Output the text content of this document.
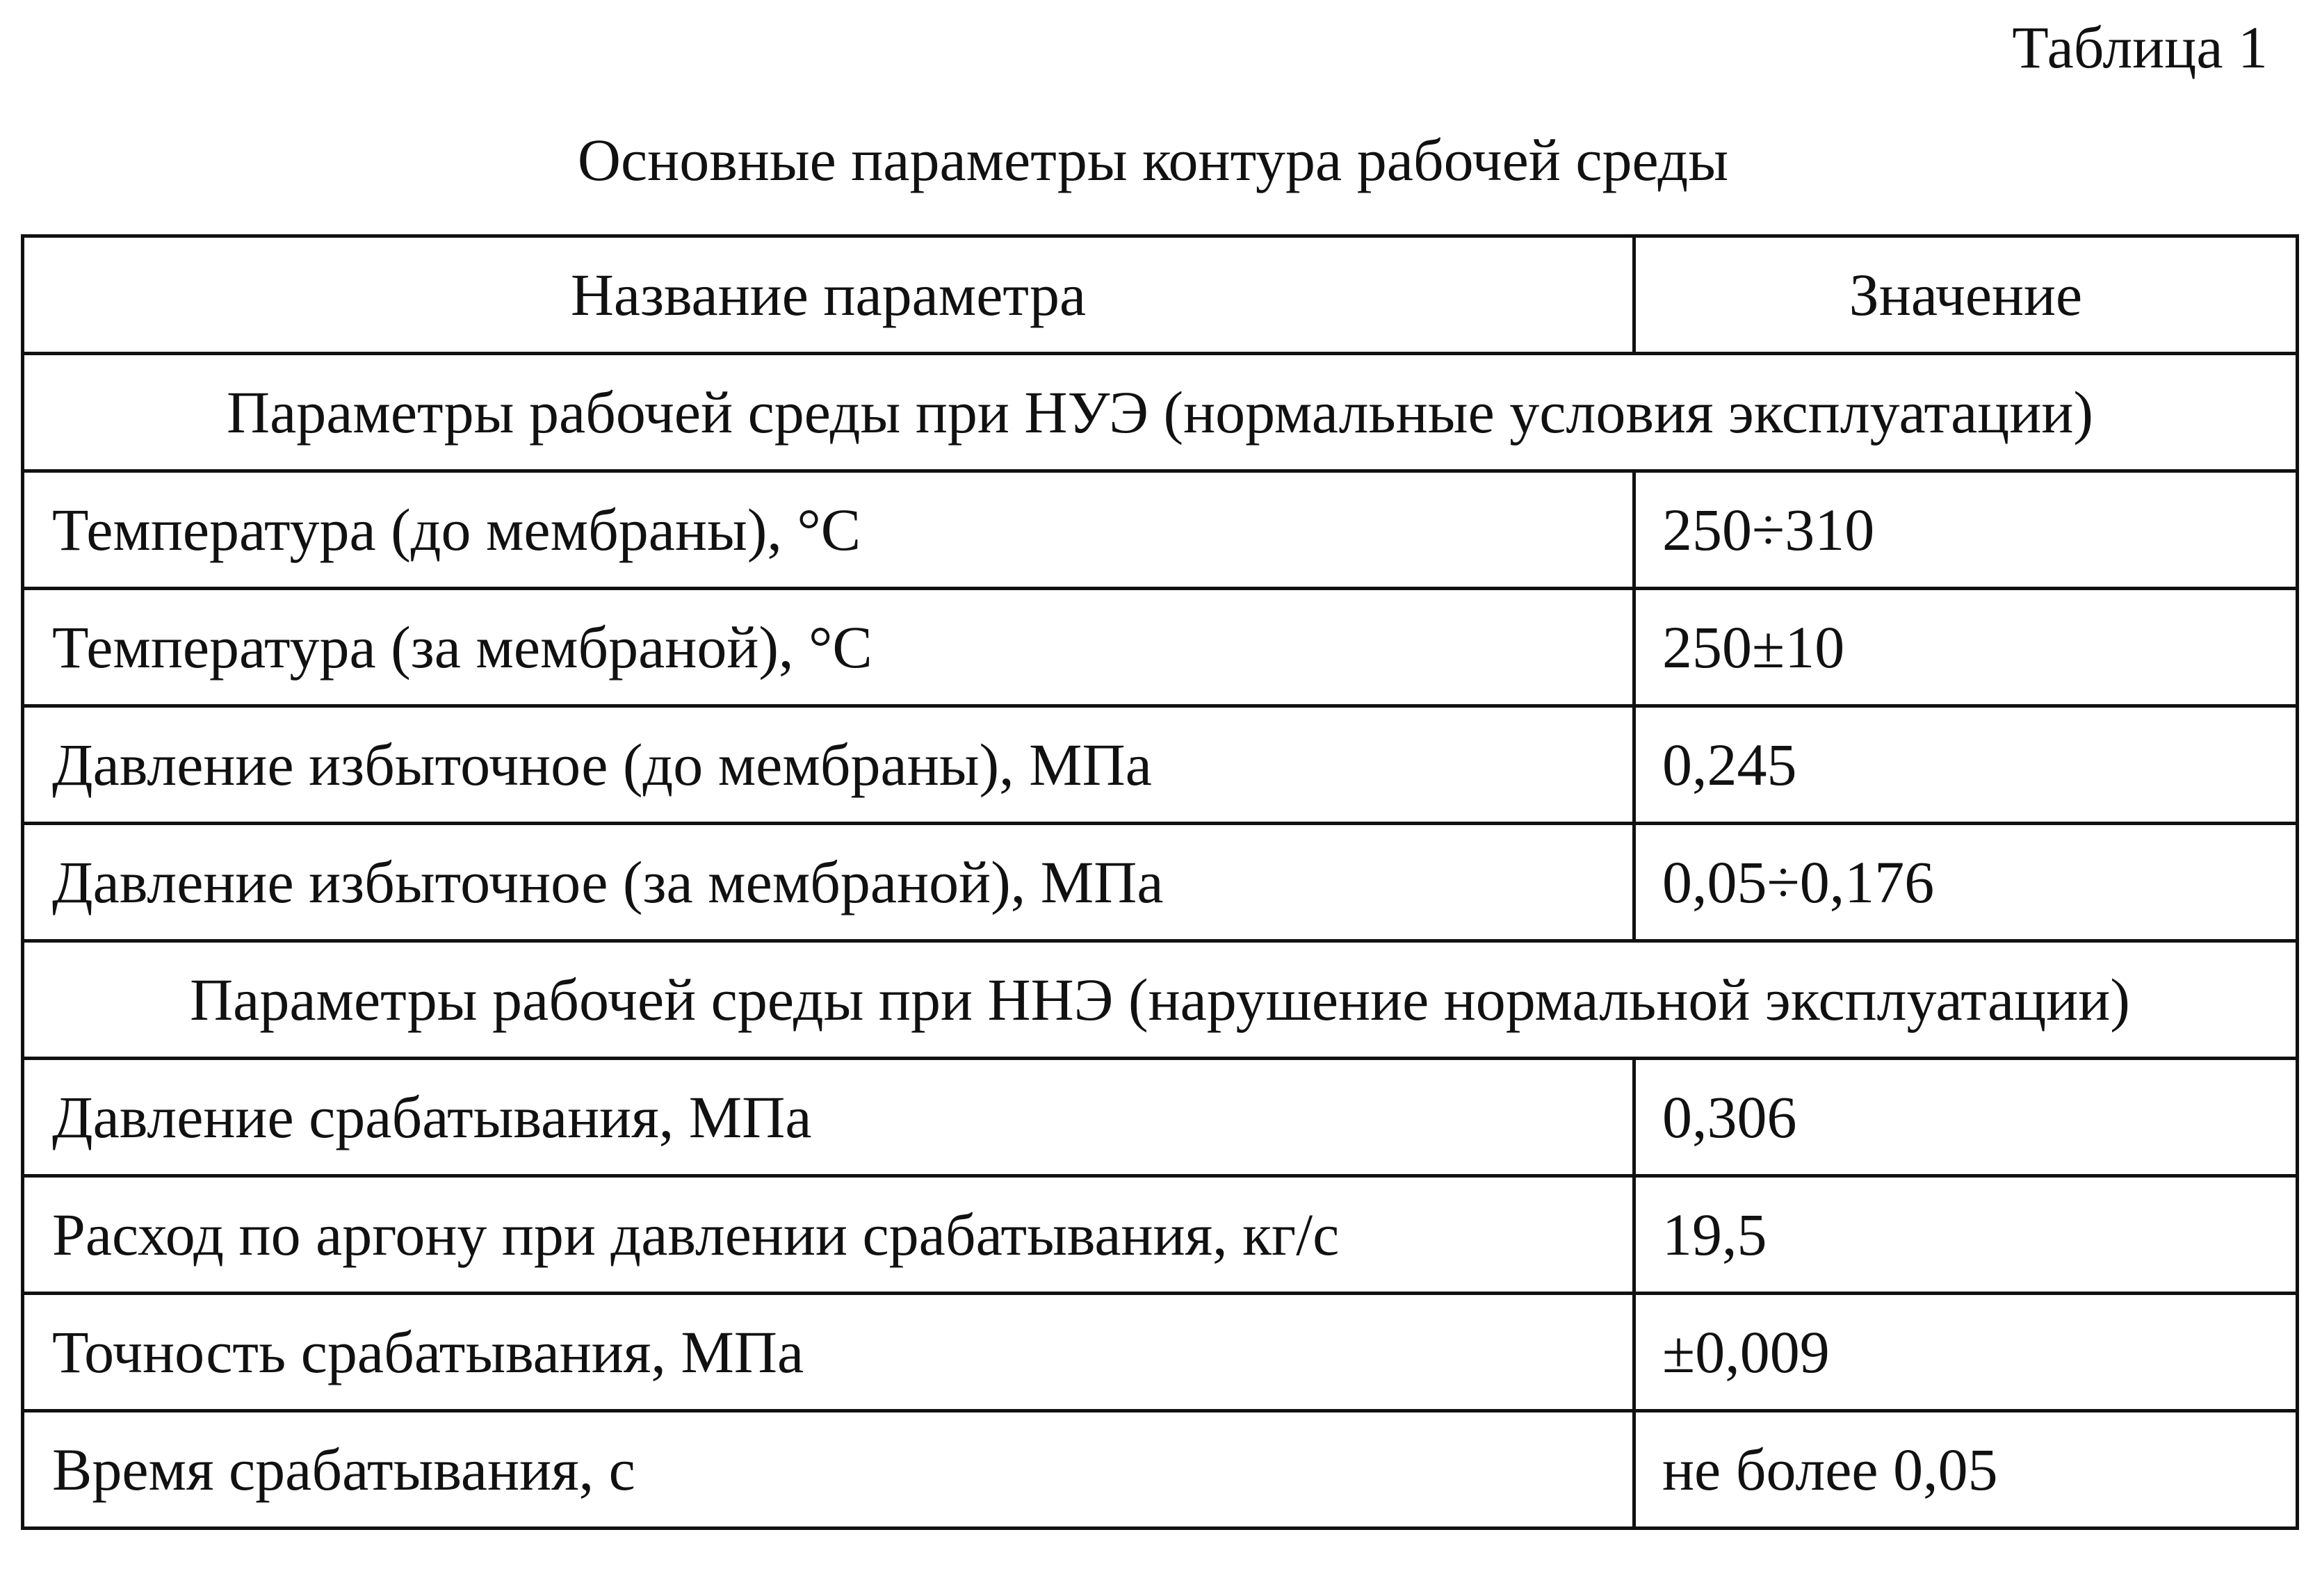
Таблица 1
Основные параметры контура рабочей среды
Название параметра	Значение
Параметры рабочей среды при НУЭ (нормальные условия эксплуатации)	
Температура (до мембраны), °С	250÷310
Температура (за мембраной), °С	250±10
Давление избыточное (до мембраны), МПа	0,245
Давление избыточное (за мембраной), МПа	0,05÷0,176
Параметры рабочей среды при ННЭ (нарушение нормальной эксплуатации)	
Давление срабатывания, МПа	0,306
Расход по аргону при давлении срабатывания, кг/с	19,5
Точность срабатывания, МПа	±0,009
Время срабатывания, с	не более 0,05
